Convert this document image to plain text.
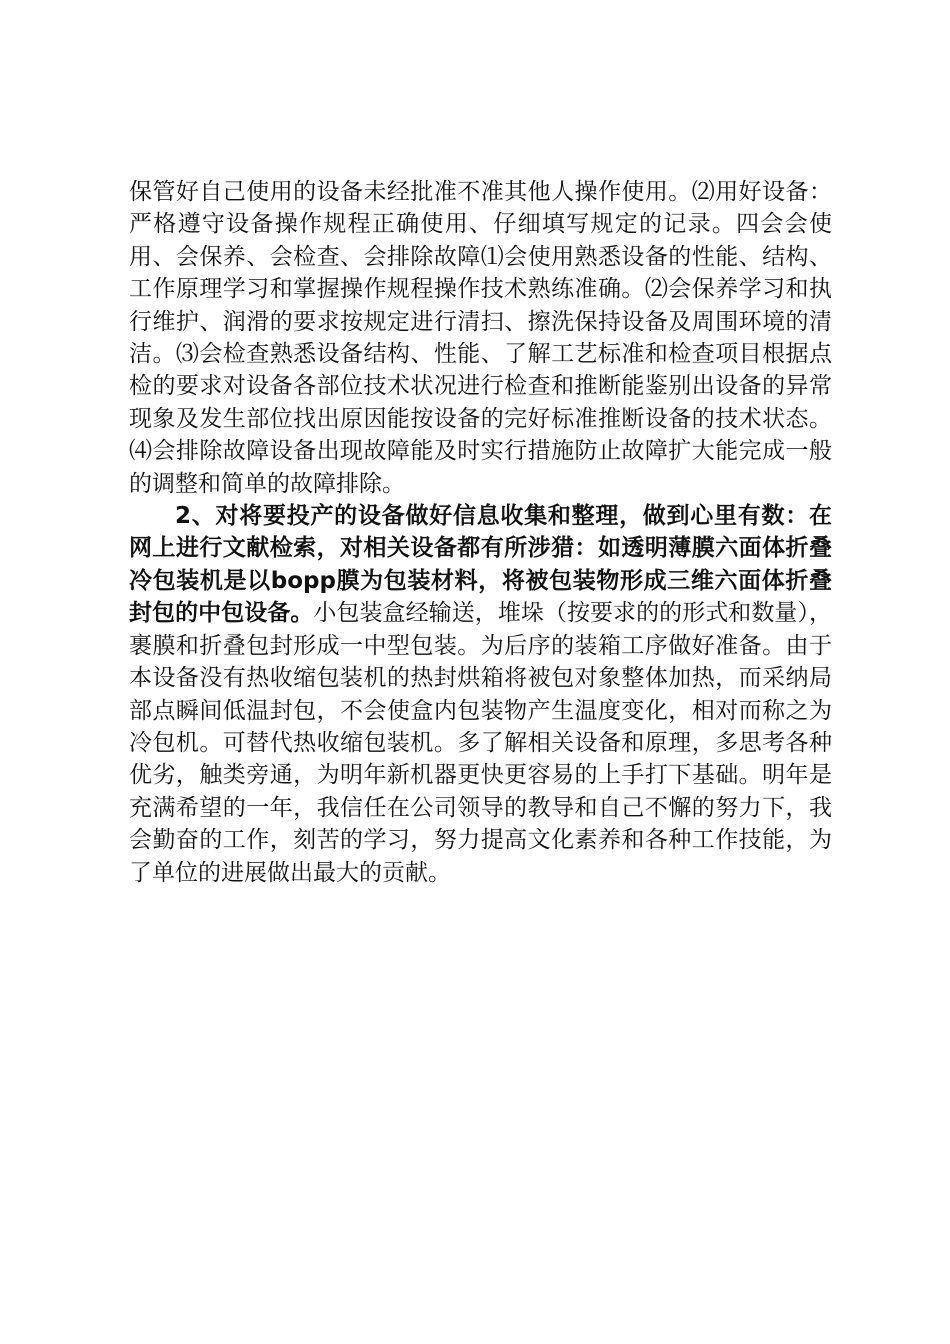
保管好自己使用的设备未经批准不准其他人操作使用。⑵用好设备：严格遵守设备操作规程正确使用、仔细填写规定的记录。四会会使用、会保养、会检查、会排除故障⑴会使用熟悉设备的性能、结构、工作原理学习和掌握操作规程操作技术熟练准确。⑵会保养学习和执行维护、润滑的要求按规定进行清扫、擦洗保持设备及周围环境的清洁。⑶会检查熟悉设备结构、性能、了解工艺标准和检查项目根据点检的要求对设备各部位技术状况进行检查和推断能鉴别出设备的异常现象及发生部位找出原因能按设备的完好标准推断设备的技术状态。⑷会排除故障设备出现故障能及时实行措施防止故障扩大能完成一般的调整和简单的故障排除。

2、对将要投产的设备做好信息收集和整理，做到心里有数：在网上进行文献检索，对相关设备都有所涉猎：如透明薄膜六面体折叠冷包装机是以bopp膜为包装材料，将被包装物形成三维六面体折叠封包的中包设备。小包装盒经输送，堆垛（按要求的的形式和数量），裹膜和折叠包封形成一中型包装。为后序的装箱工序做好准备。由于本设备没有热收缩包装机的热封烘箱将被包对象整体加热，而采纳局部点瞬间低温封包，不会使盒内包装物产生温度变化，相对而称之为冷包机。可替代热收缩包装机。多了解相关设备和原理，多思考各种优劣，触类旁通，为明年新机器更快更容易的上手打下基础。明年是充满希望的一年，我信任在公司领导的教导和自己不懈的努力下，我会勤奋的工作，刻苦的学习，努力提高文化素养和各种工作技能，为了单位的进展做出最大的贡献。
